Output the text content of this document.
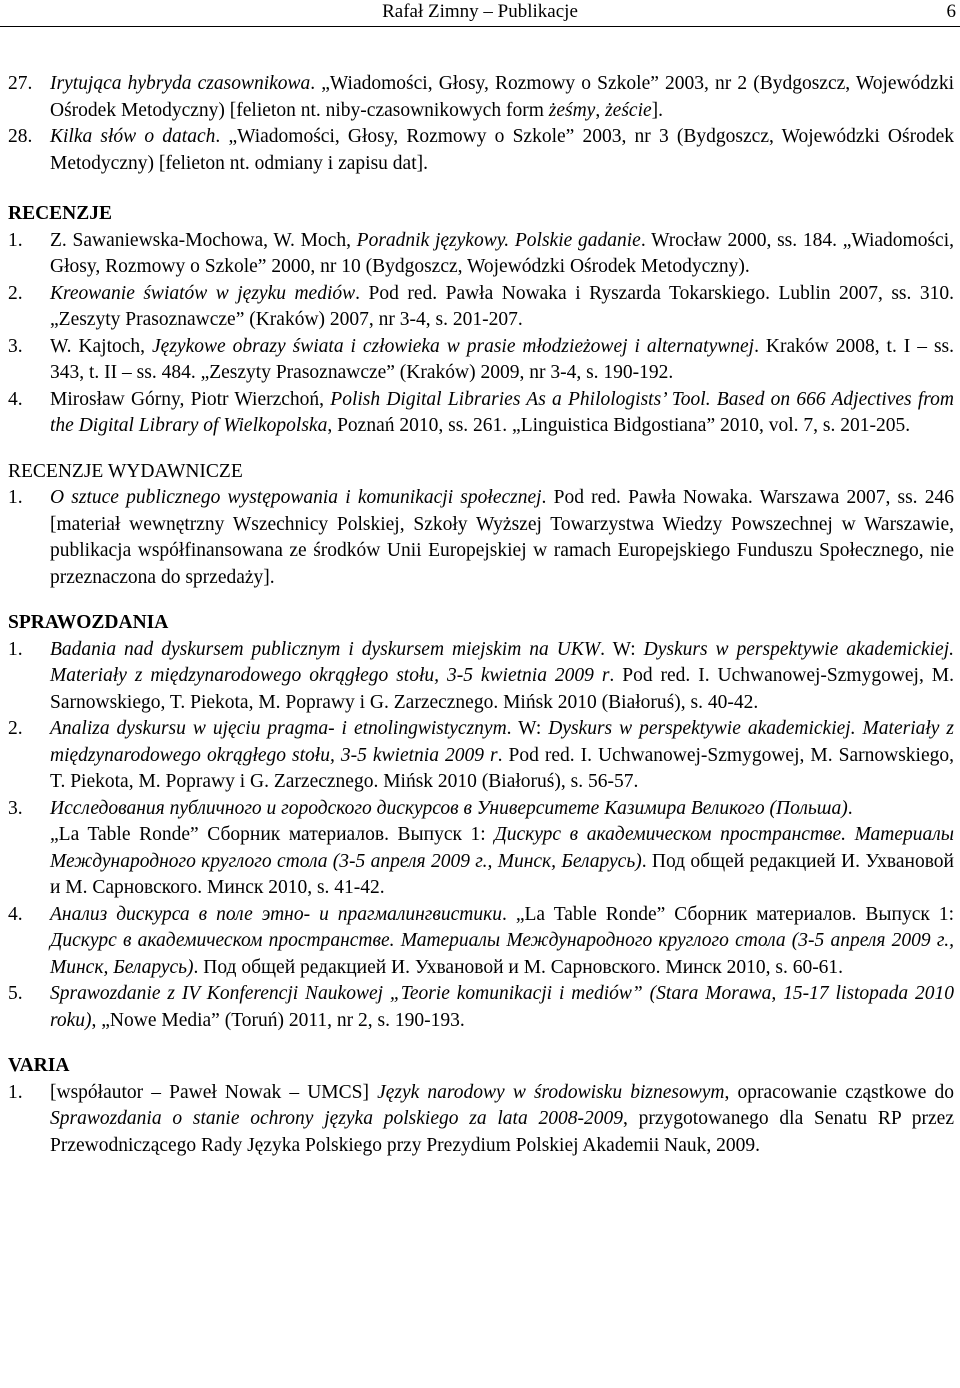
Rafał Zimny – Publikacje	6
27. Irytująca hybryda czasownikowa. „Wiadomości, Głosy, Rozmowy o Szkole” 2003, nr 2 (Bydgoszcz, Wojewódzki Ośrodek Metodyczny) [felieton nt. niby-czasownikowych form żeśmy, żeście].
28. Kilka słów o datach. „Wiadomości, Głosy, Rozmowy o Szkole” 2003, nr 3 (Bydgoszcz, Wojewódzki Ośrodek Metodyczny) [felieton nt. odmiany i zapisu dat].
RECENZJE
1. Z. Sawaniewska-Mochowa, W. Moch, Poradnik językowy. Polskie gadanie. Wrocław 2000, ss. 184. „Wiadomości, Głosy, Rozmowy o Szkole” 2000, nr 10 (Bydgoszcz, Wojewódzki Ośrodek Metodyczny).
2. Kreowanie światów w języku mediów. Pod red. Pawła Nowaka i Ryszarda Tokarskiego. Lublin 2007, ss. 310. „Zeszyty Prasoznawcze” (Kraków) 2007, nr 3-4, s. 201-207.
3. W. Kajtoch, Językowe obrazy świata i człowieka w prasie młodzieżowej i alternatywnej. Kraków 2008, t. I – ss. 343, t. II – ss. 484. „Zeszyty Prasoznawcze” (Kraków) 2009, nr 3-4, s. 190-192.
4. Mirosław Górny, Piotr Wierzchoń, Polish Digital Libraries As a Philologists’ Tool. Based on 666 Adjectives from the Digital Library of Wielkopolska, Poznań 2010, ss. 261. „Linguistica Bidgostiana” 2010, vol. 7, s. 201-205.
RECENZJE WYDAWNICZE
1. O sztuce publicznego występowania i komunikacji społecznej. Pod red. Pawła Nowaka. Warszawa 2007, ss. 246 [materiał wewnętrzny Wszechnicy Polskiej, Szkoły Wyższej Towarzystwa Wiedzy Powszechnej w Warszawie, publikacja współfinansowana ze środków Unii Europejskiej w ramach Europejskiego Funduszu Społecznego, nie przeznaczona do sprzedaży].
SPRAWOZDANIA
1. Badania nad dyskursem publicznym i dyskursem miejskim na UKW. W: Dyskurs w perspektywie akademickiej. Materiały z międzynarodowego okrągłego stołu, 3-5 kwietnia 2009 r. Pod red. I. Uchwanowej-Szmygowej, M. Sarnowskiego, T. Piekota, M. Poprawy i G. Zarzecznego. Mińsk 2010 (Białoruś), s. 40-42.
2. Analiza dyskursu w ujęciu pragma- i etnolingwistycznym. W: Dyskurs w perspektywie akademickiej. Materiały z międzynarodowego okrągłego stołu, 3-5 kwietnia 2009 r. Pod red. I. Uchwanowej-Szmygowej, M. Sarnowskiego, T. Piekota, M. Poprawy i G. Zarzecznego. Mińsk 2010 (Białoruś), s. 56-57.
3. Исследования публичного и городского дискурсов в Университете Казимира Великого (Польша).
„La Table Ronde” Сборник материалов. Выпуск 1: Дискурс в академическом пространстве. Материалы Международного круглого стола (3-5 апреля 2009 г., Минск, Беларусь). Под общей редакцией И. Ухвановой и М. Сарновского. Минск 2010, s. 41-42.
4. Анализ дискурса в поле этно- и прагмалингвистики. „La Table Ronde” Сборник материалов. Выпуск 1: Дискурс в академическом пространстве. Материалы Международного круглого стола (3-5 апреля 2009 г., Минск, Беларусь). Под общей редакцией И. Ухвановой и М. Сарновского. Минск 2010, s. 60-61.
5. Sprawozdanie z IV Konferencji Naukowej „Teorie komunikacji i mediów” (Stara Morawa, 15-17 listopada 2010 roku), „Nowe Media” (Toruń) 2011, nr 2, s. 190-193.
VARIA
1. [współautor – Paweł Nowak – UMCS] Język narodowy w środowisku biznesowym, opracowanie cząstkowe do Sprawozdania o stanie ochrony języka polskiego za lata 2008-2009, przygotowanego dla Senatu RP przez Przewodniczącego Rady Języka Polskiego przy Prezydium Polskiej Akademii Nauk, 2009.
